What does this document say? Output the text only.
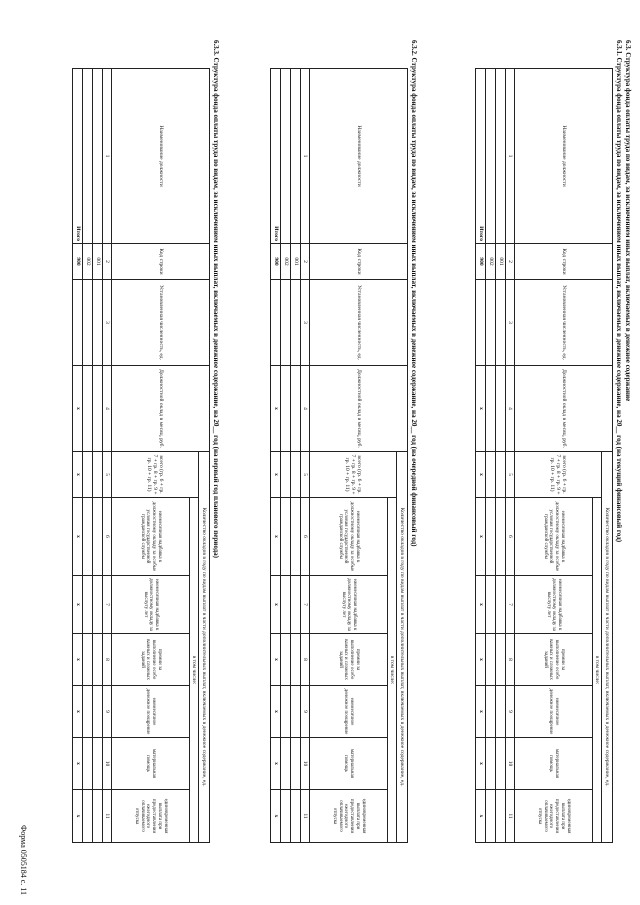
Форма 0505184 с. 11
6.3. Структура фонда оплаты труда по видам, за исключением иных выплат, включаемых в денежное содержание
6.3.1. Структура фонда оплаты труда по видам, за исключением иных выплат, включаемых в денежное содержание, на 20__ год (на текущий финансовый год)
Наименование должности	Код строки	Установленная численность, ед.	Должностной оклад в месяц, руб.	Количество окладов в году по видам выплат в части дополнительных выплат, включаемых в денежное содержание, ед.						
				всего (гр. 6 + гр. 7 + гр. 8 + гр. 9 + гр. 10 + гр. 11)	в том числе:					
					ежемесячная надбавка к должностному окладу за особые условия государственной гражданской службы	ежемесячная надбавка к должностному окладу за выслугу лет	премии за выполнение особо важных и сложных заданий	ежемесячное денежное поощрение	материальная помощь	единовременная выплата при предоставлении ежегодного оплачиваемого отпуска
1	2	3	4	5	6	7	8	9	10	11
	001									
	002									
Итого	900		x	x	x	x	x	x	x	x
6.3.2. Структура фонда оплаты труда по видам, за исключением иных выплат, включаемых в денежное содержание, на 20__ год (на очередной финансовый год)
Наименование должности	Код строки	Установленная численность, ед.	Должностной оклад в месяц, руб.	Количество окладов в году по видам выплат в части дополнительных выплат, включаемых в денежное содержание, ед.						
				всего (гр. 6 + гр. 7 + гр. 8 + гр. 9 + гр. 10 + гр. 11)	в том числе:					
					ежемесячная надбавка к должностному окладу за особые условия государственной гражданской службы	ежемесячная надбавка к должностному окладу за выслугу лет	премии за выполнение особо важных и сложных заданий	ежемесячное денежное поощрение	материальная помощь	единовременная выплата при предоставлении ежегодного оплачиваемого отпуска
1	2	3	4	5	6	7	8	9	10	11
	001									
	002									
Итого	900		x	x	x	x	x	x	x	x
6.3.3. Структура фонда оплаты труда по видам, за исключением иных выплат, включаемых в денежное содержание, на 20__ год (на первый год планового периода)
Наименование должности	Код строки	Установленная численность, ед.	Должностной оклад в месяц, руб.	Количество окладов в году по видам выплат в части дополнительных выплат, включаемых в денежное содержание, ед.						
				всего (гр. 6 + гр. 7 + гр. 8 + гр. 9 + гр. 10 + гр. 11)	в том числе:					
					ежемесячная надбавка к должностному окладу за особые условия государственной гражданской службы	ежемесячная надбавка к должностному окладу за выслугу лет	премии за выполнение особо важных и сложных заданий	ежемесячное денежное поощрение	материальная помощь	единовременная выплата при предоставлении ежегодного оплачиваемого отпуска
1	2	3	4	5	6	7	8	9	10	11
	001									
	002									
Итого	900		x	x	x	x	x	x	x	x
